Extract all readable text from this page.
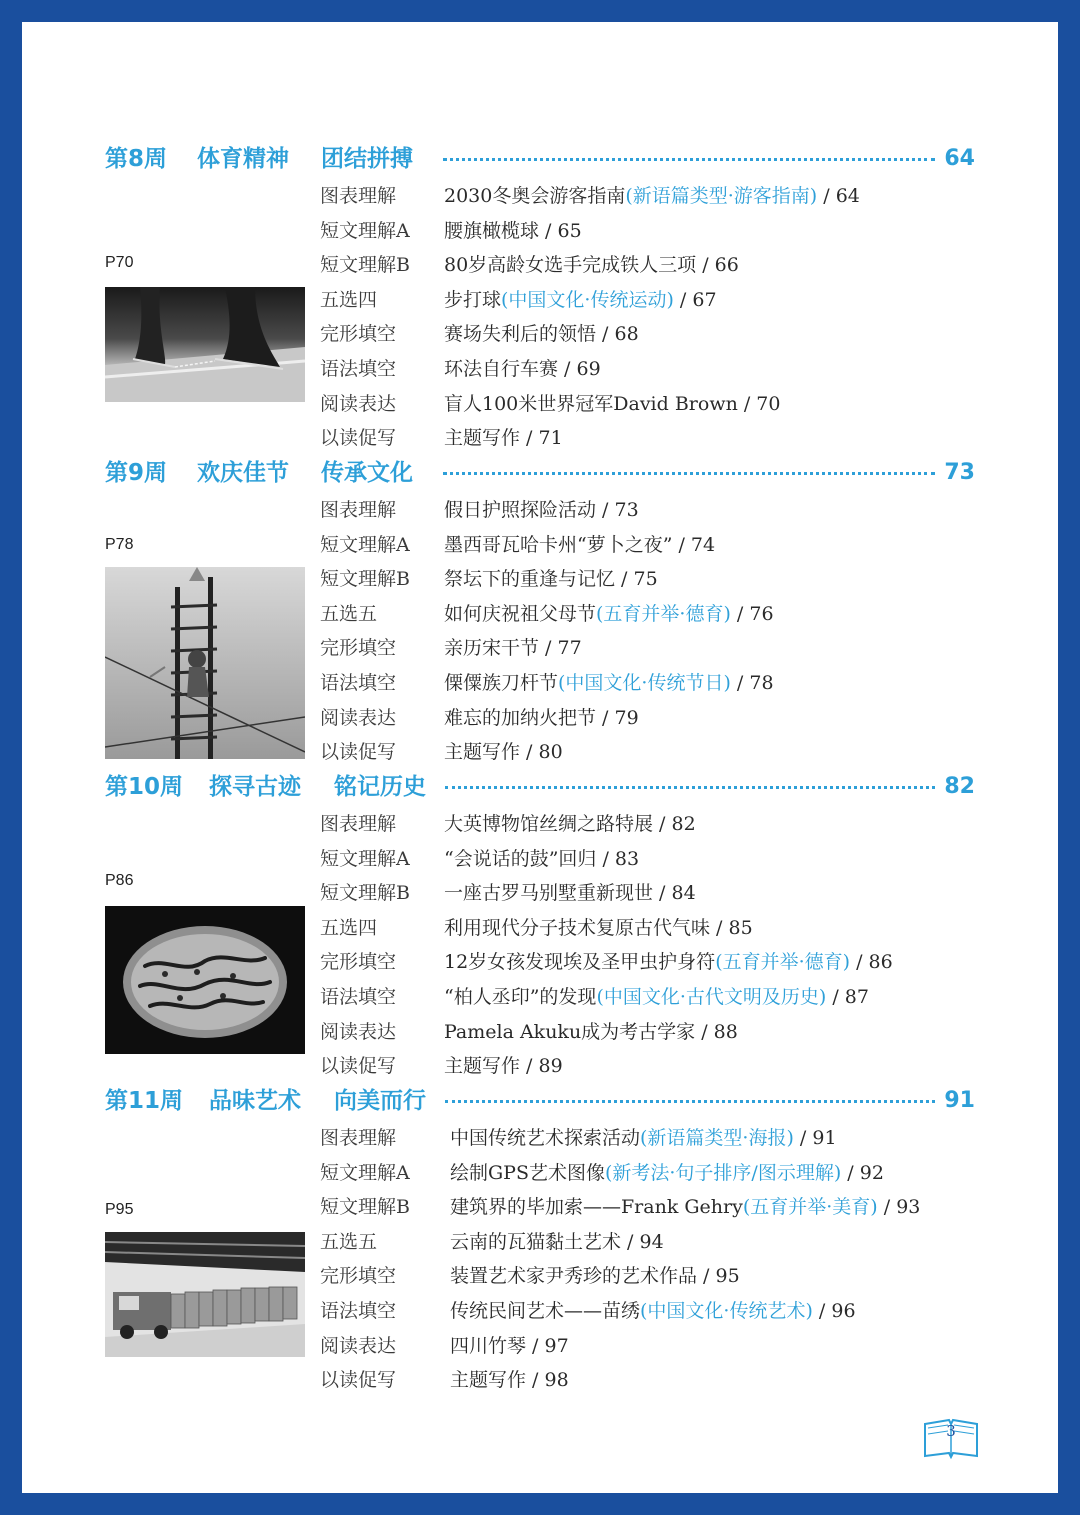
第8周 体育精神 团结拼搏	64
P70
图表理解	2030冬奥会游客指南(新语篇类型·游客指南) / 64
短文理解A 腰旗橄榄球 / 65
短文理解B 80岁高龄女选手完成铁人三项 / 66
五选四	步打球(中国文化·传统运动) / 67
完形填空	赛场失利后的领悟 / 68
语法填空	环法自行车赛 / 69
阅读表达	盲人100米世界冠军David Brown / 70
以读促写	主题写作 / 71
第9周 欢庆佳节 传承文化	73
P78
图表理解	假日护照探险活动 / 73
短文理解A 墨西哥瓦哈卡州“萝卜之夜” / 74
短文理解B 祭坛下的重逢与记忆 / 75
五选五	如何庆祝祖父母节(五育并举·德育) / 76
完形填空	亲历宋干节 / 77
语法填空	傈僳族刀杆节(中国文化·传统节日) / 78
阅读表达	难忘的加纳火把节 / 79
以读促写	主题写作 / 80
第10周 探寻古迹 铭记历史	82
P86
图表理解	大英博物馆丝绸之路特展 / 82
短文理解A “会说话的鼓”回归 / 83
短文理解B 一座古罗马别墅重新现世 / 84
五选四	利用现代分子技术复原古代气味 / 85
完形填空	12岁女孩发现埃及圣甲虫护身符(五育并举·德育) / 86
语法填空	“柏人丞印”的发现(中国文化·古代文明及历史) / 87
阅读表达	Pamela Akuku成为考古学家 / 88
以读促写	主题写作 / 89
第11周 品味艺术 向美而行	91
P95
图表理解	中国传统艺术探索活动(新语篇类型·海报) / 91
短文理解A 绘制GPS艺术图像(新考法·句子排序/图示理解) / 92
短文理解B 建筑界的毕加索——Frank Gehry(五育并举·美育) / 93
五选五	云南的瓦猫黏土艺术 / 94
完形填空	装置艺术家尹秀珍的艺术作品 / 95
语法填空	传统民间艺术——苗绣(中国文化·传统艺术) / 96
阅读表达	四川竹琴 / 97
以读促写	主题写作 / 98
3
